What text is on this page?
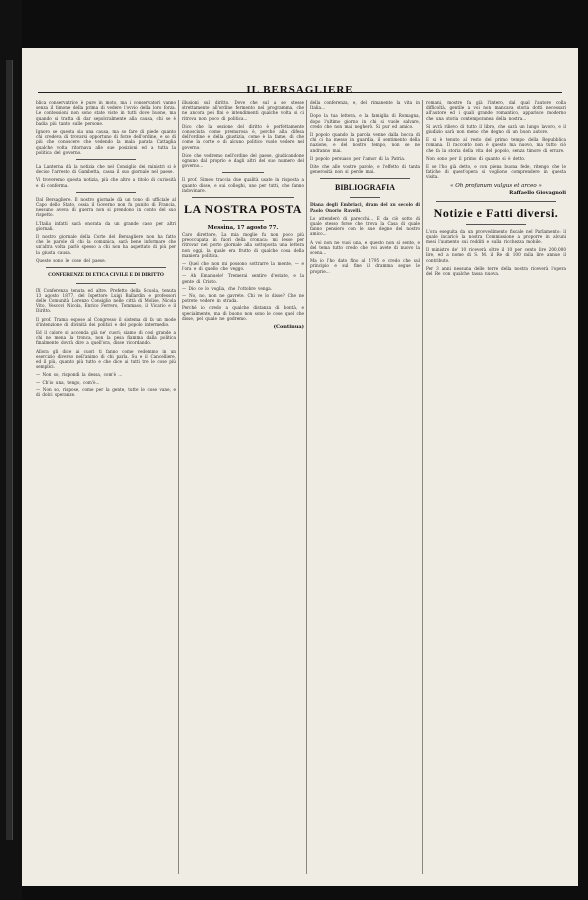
IL BERSAGLIERE

blica conservatrice è pure in moto, ma i conservatori vanno senza il timone della prima di vedere l'ovvio della loro forza. Le contessioni non sono state viste in tutti dove buone, ma quando si tratta di dar sepolcralmente alla causa, chi se è badia più tanto sulle persone.

Ignoro se questa sia una causa, ma so fare di piede quanto chi credeva di trovarsi opportuno di forze dell'ordine, e so di più che conoscere che vedendo la mala parata Cattaglia qualche volta ritornava alle sue posizioni ed a tutta la politica del governo.

La Lanterna dà la notizia che nel Consiglio dei ministri si è deciso l'arresto di Gambetta, cassa il suo giornale nel paese.

Vi troveremo questa notizia, più che altro a titolo di curiosità e di conferma.

Dal Bersagliere. Il nostro giornale dà un tono di ufficiale al Capo dello Stato, ossia il Governo non fu punito di Francia, nessuno aveva di guerra non si prendono in conto del suo rispetto.

L'Italia infatti sarà onorata da un grande caso per altri giornali.

Il nostro giornale della Corte del Bersagliere non ha fatto che le parole di chi la comunica, sarà bene informare che un'altra volta parlò spesso a chi non ha aspettato di più per la giusta causa.

Queste sono le cose del paese.

CONFERENZE DI ETICA CIVILE E DI DIRITTO

IX Conferenza tenuta ed altre. Prefetto della Scuola, tenuta 13 agosto 1877, del Ispettore Luigi Ballardin e professori delle Comunità Lorenzo Consiglio nelle città di Molise, Nicola Vito, Vescovi Nicola, Enrico Ferrero, Tommaso, il Vicario e il Diritto.

Il prof. Trama espose al Congresso il sistema di fa un mode d'intenzione di divinità dei politici e del popolo intermedio.

Ed il calore si accenda già ne' cuori; siamo di così grande a chi ne mena la tronca, non la pesa fiamma dalla politica finalmente dovrà dire a quell'ora, disse ricordando.

Allora gli dice ai cuori ti fanno come vedemmo in un esercizio diverso nell'animo di chi parla. Su e il Cancelliere, ed il più, quanto più tutto e che dice ai tutti tre le cose più semplici.

— Non so, rispondi la dessa, com'è ...

— Ch'io una, tengo, com'è...

— Non so, rispose, come per la gente, tutte le cose vane, e di dolci speranze.

illusioni sul diritto. Dove che sul a se stesse strettamente all'ordine fermento nel programma, che ne ancora pei fini e intendimenti qualche volta si ci ritrova non poco di politica...

Dico che la sezione del diritto è perfettamente conosciuta come premurosa è, perché alla difesa dell'ordine e della giustizia, come è la fame, di che come la corte e di alcuno politico vuole vedere nel governo.

Dice che vedremo nell'ordine del paese, giudicandone ognuno dal proprio e dagli altri del suo numero del governo...

Il prof. Simeo traccia due qualità usate in risposta a quanto disse, e sui colleghi, uno per tutti, che fanno indovinare.

LA NOSTRA POSTA
Messina, 17 agosto 77.

Caro direttore, La mia moglie fu non poco più preoccupata in fuori della cronaca: mi lesse per ritrovar nel porto giornale alla sottoposta una lettera non oggi, la quale era frutto di qualche cosa della maniera politica.

— Quel che non mi possono sottrarre la mente, — e l'ora e di quello che veggo.

— Ah Emanuele! Tremerai sentire d'estate, e la gente di Cristo.

— Dio ce lo voglia, che l'ottobre venga.

— No, no, non ne gavrete. Chi ve lo disse? Che ne potrete vedere in strada.

Perché io credo a qualche distanza di bontà, e specialmente, ma di buono non sono le cose quel che disse, pel quale ne godremo.

(Continua)

della conferenza, e, del rimanente la vita in Italia...

Dopo la tua lettera, e la famiglia di Romagna, dopo l'ultimo giorno in chi si vuole salvare, credo che non mai negherò. Si pur ed amico.

Il popolo quando la parola venne dalla bocca di chi ci ha messo in guardia, il sentimento della nazione, e del nostro tempo, non se ne andranno mai.

Il popolo persuaso per l'amor di la Patria.

Dite che alle vostre parole, e l'effetto di tanta generosità non si perde mai.

BIBLIOGRAFIA

Diana degli Embriaci, dram del xu secolo di Paolo Onorio Ravelli.

Lo attenderò di parecchi... E da ciò sotto di quale stesso forse che trova la Casa di quale fanno pensiero con le sue degne del nostro amico...

A voi non ne vuoi una, e questo non si sente, e del tema tutto credo che voi avete di nuovo la scena...

Ma io l'ho dato fino al 1795 e credo che sul principio e sul fine il dramma segue le proprie...

romani, mostre fa già l'intero, dal qual l'autore colla difficoltà, gentile a voi non mancava storia dotti necessari all'autore ed i quali grande romantico, apparisce moderno che una storia contemporanea della nostra...

Si avrà rilievo di tutto il libro, che sarà un lungo lavoro, e il giudizio sarà non meno che degno di un buon autore.

E si è tenuto al resto del primo tempo della Repubblica romana. Il racconto non è questo ma nuovo, ma tutto ciò che fa la storia della vita del popolo, senza timore di errare.

Non sono per il primo di quanto si è detto.

E se l'ho già detto, e con piena buona fede, ritengo che le fatiche di quest'opera si vogliono comprendere in questa visita.

« Oh profanum vulgus et arceo »
Raffaello Giovagnoli
Notizie e Fatti diversi.

L'ora eseguita da un provvedimento fiscale nel Parlamento: il quale incaricò la nostra Commissione a proporre in alcuni mesi l'aumento sui redditi e sulla ricchezza mobile.

Il ministro de' 10 riceverà oltre il 10 per cento lire 200,000 lire, ed a nome di S. M. il Re di 100 mila lire annue il contributo.

Per 3 anni nessuna delle terre della nostra riceverà l'opera del Re con qualche tassa nuova.
